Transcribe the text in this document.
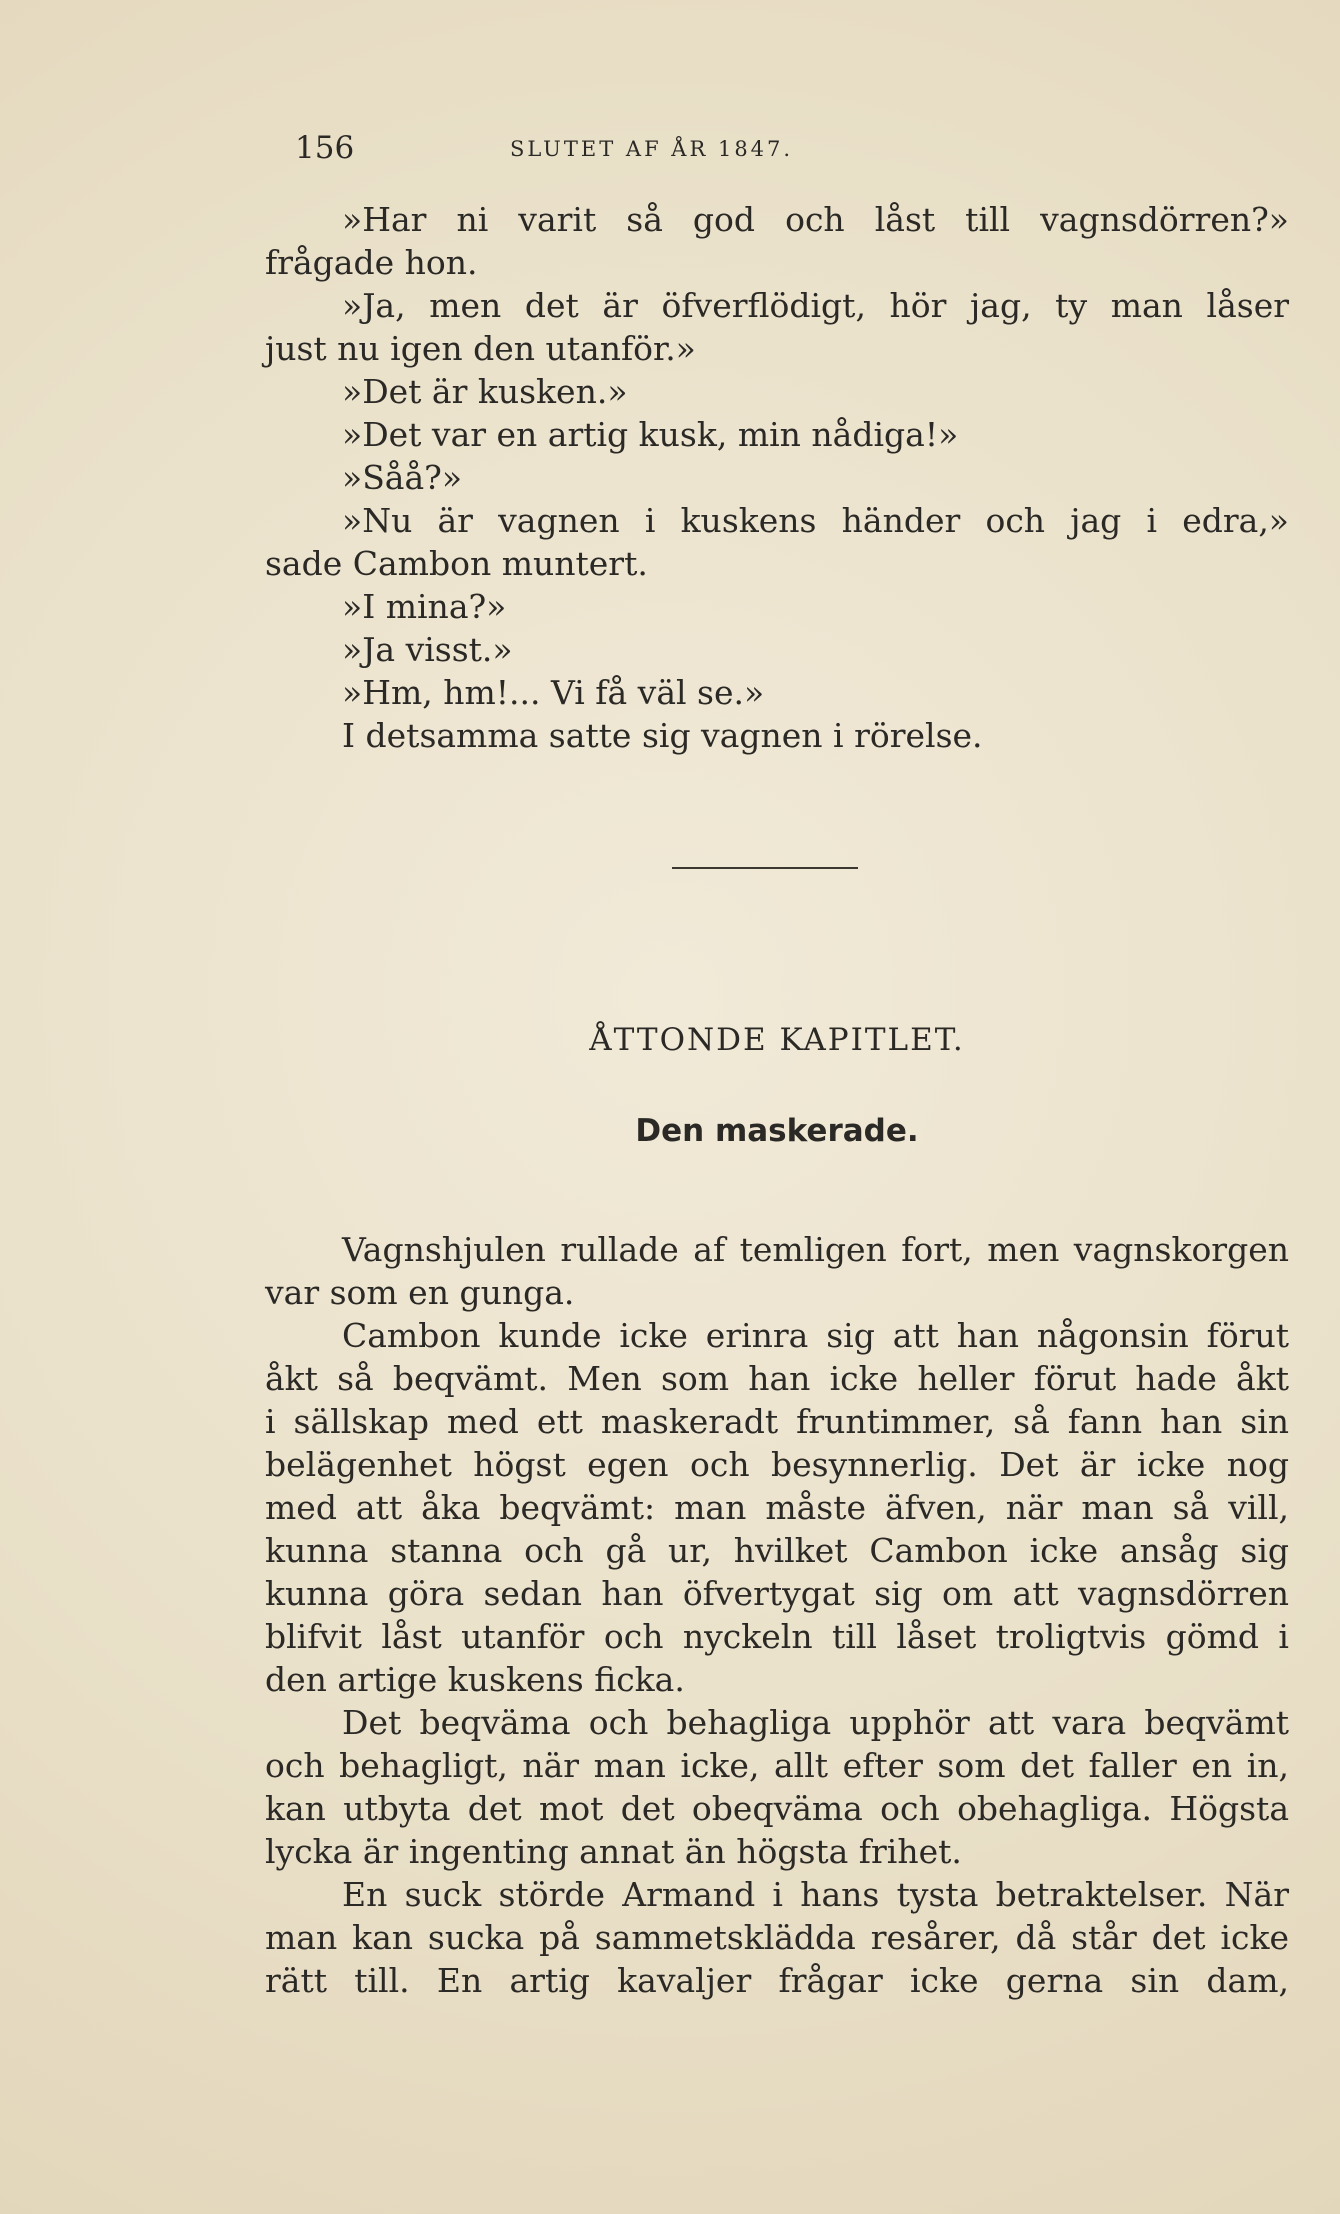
156	SLUTET AF ÅR 1847.
»Har ni varit så god och låst till vagnsdörren?»
frågade hon.
»Ja, men det är öfverflödigt, hör jag, ty man låser
just nu igen den utanför.»
»Det är kusken.»
»Det var en artig kusk, min nådiga!»
»Såå?»
»Nu är vagnen i kuskens händer och jag i edra,»
sade Cambon muntert.
»I mina?»
»Ja visst.»
»Hm, hm!... Vi få väl se.»
I detsamma satte sig vagnen i rörelse.
ÅTTONDE KAPITLET.
Den maskerade.
Vagnshjulen rullade af temligen fort, men vagnskorgen
var som en gunga.
Cambon kunde icke erinra sig att han någonsin förut
åkt så beqvämt. Men som han icke heller förut hade åkt
i sällskap med ett maskeradt fruntimmer, så fann han sin
belägenhet högst egen och besynnerlig. Det är icke nog
med att åka beqvämt: man måste äfven, när man så vill,
kunna stanna och gå ur, hvilket Cambon icke ansåg sig
kunna göra sedan han öfvertygat sig om att vagnsdörren
blifvit låst utanför och nyckeln till låset troligtvis gömd i
den artige kuskens ficka.
Det beqväma och behagliga upphör att vara beqvämt
och behagligt, när man icke, allt efter som det faller en in,
kan utbyta det mot det obeqväma och obehagliga. Högsta
lycka är ingenting annat än högsta frihet.
En suck störde Armand i hans tysta betraktelser. När
man kan sucka på sammetsklädda resårer, då står det icke
rätt till. En artig kavaljer frågar icke gerna sin dam,
